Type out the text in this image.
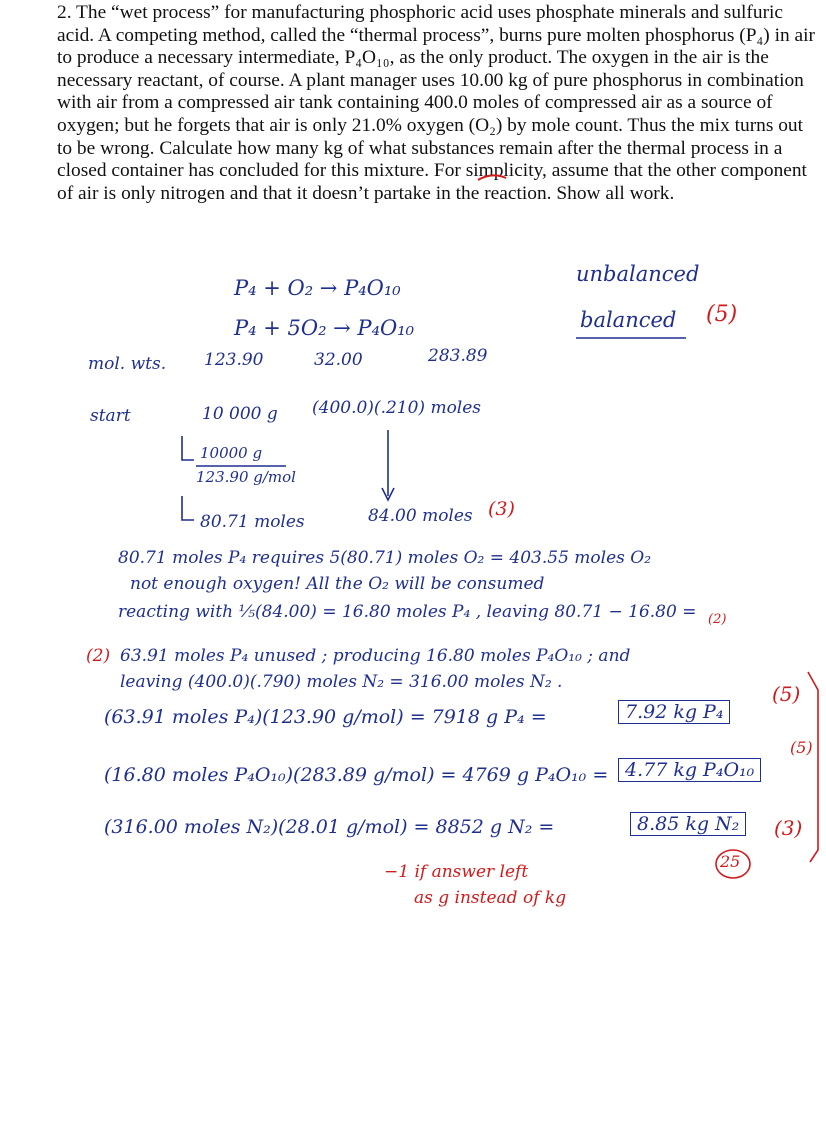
2. The “wet process” for manufacturing phosphoric acid uses phosphate minerals and sulfuric acid. A competing method, called the “thermal process”, burns pure molten phosphorus (P₄) in air to produce a necessary intermediate, P₄O₁₀, as the only product. The oxygen in the air is the necessary reactant, of course. A plant manager uses 10.00 kg of pure phosphorus in combination with air from a compressed air tank containing 400.0 moles of compressed air as a source of oxygen; but he forgets that air is only 21.0% oxygen (O₂) by mole count. Thus the mix turns out to be wrong. Calculate how many kg of what substances remain after the thermal process in a closed container has concluded for this mixture. For simplicity, assume that the other component of air is only nitrogen and that it doesn’t partake in the reaction. Show all work.

P₄ + O₂ → P₄O₁₀
unbalanced
P₄ + 5O₂ → P₄O₁₀	balanced (5)
mol. wts. 123.90	32.00	283.89
start	10 000 g (400.0)(.210) moles
10000 g
123.90 g/mol
80.71 moles	84.00 moles (3)
80.71 moles P₄ requires 5(80.71) moles O₂ = 403.55 moles O₂
not enough oxygen! All the O₂ will be consumed
reacting with ⅕(84.00) = 16.80 moles P₄ , leaving 80.71 − 16.80 = (2)
(2) 63.91 moles P₄ unused ; producing 16.80 moles P₄O₁₀ ; and
leaving (400.0)(.790) moles N₂ = 316.00 moles N₂ .
(63.91 moles P₄)(123.90 g/mol) = 7918 g P₄ =	7.92 kg P₄
(5)
(16.80 moles P₄O₁₀)(283.89 g/mol) = 4769 g P₄O₁₀ = 4.77 kg P₄O₁₀
(5)
(316.00 moles N₂)(28.01 g/mol) = 8852 g N₂ =	8.85 kg N₂	(3)
25
−1 if answer left
as g instead of kg
